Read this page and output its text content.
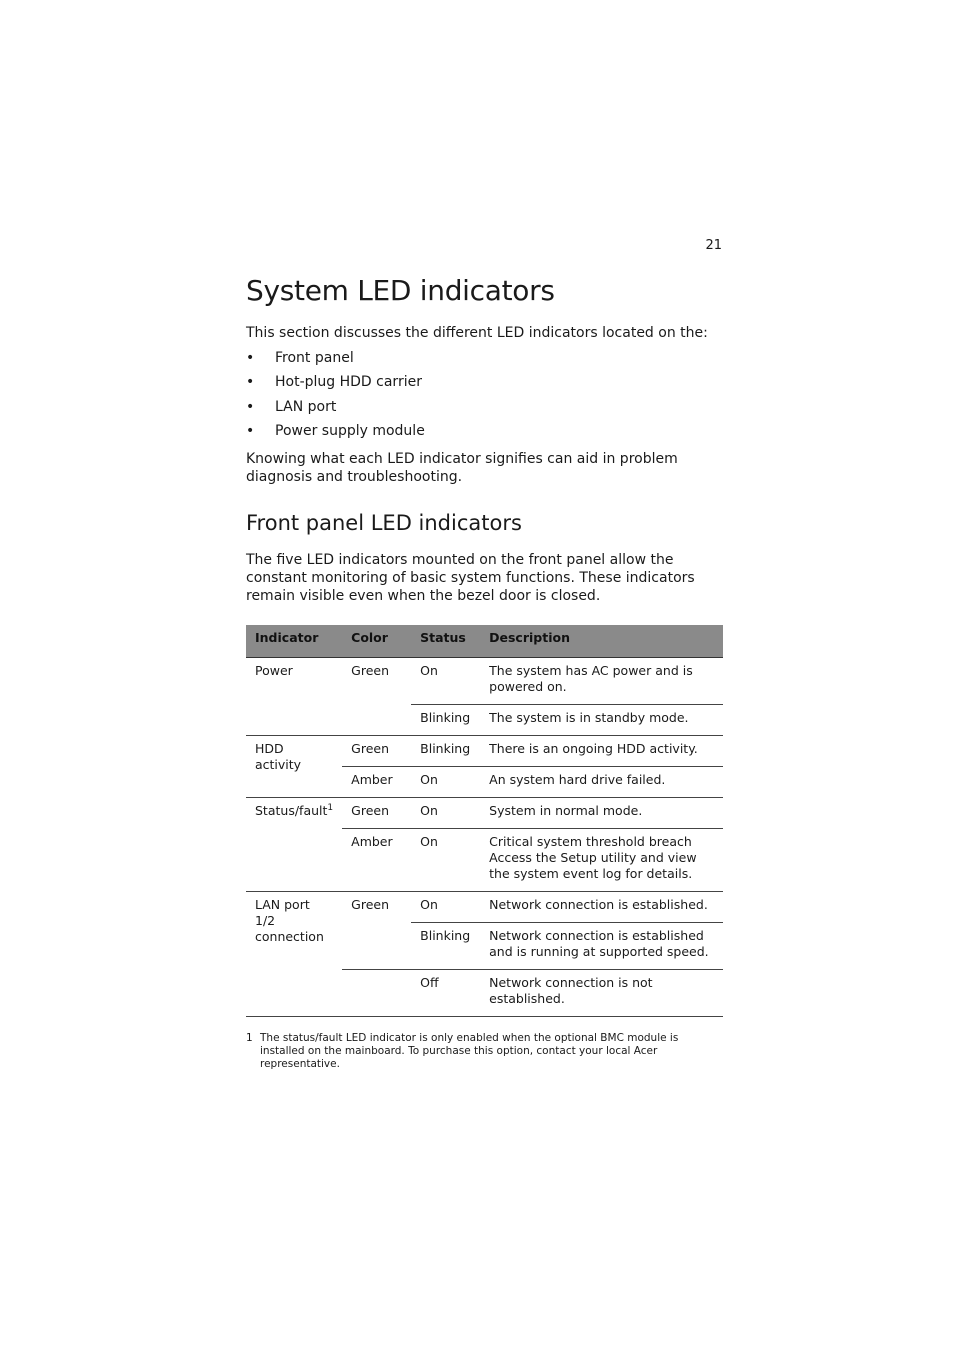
21
System LED indicators

This section discusses the different LED indicators located on the:

• Front panel
• Hot-plug HDD carrier
• LAN port
• Power supply module

Knowing what each LED indicator signifies can aid in problem diagnosis and troubleshooting.

Front panel LED indicators

The five LED indicators mounted on the front panel allow the constant monitoring of basic system functions. These indicators remain visible even when the bezel door is closed.

Indicator	Color	Status	Description
Power	Green	On	The system has AC power and is powered on.
		Blinking	The system is in standby mode.
HDD activity	Green	Blinking	There is an ongoing HDD activity.
	Amber	On	An system hard drive failed.
Status/fault$^1$	Green	On	System in normal mode.
	Amber	On	Critical system threshold breach Access the Setup utility and view the system event log for details.
LAN port 1/2 connection	Green	On	Network connection is established.
		Blinking	Network connection is established and is running at supported speed.
		Off	Network connection is not established.
1 The status/fault LED indicator is only enabled when the optional BMC module is installed on the mainboard. To purchase this option, contact your local Acer representative.
